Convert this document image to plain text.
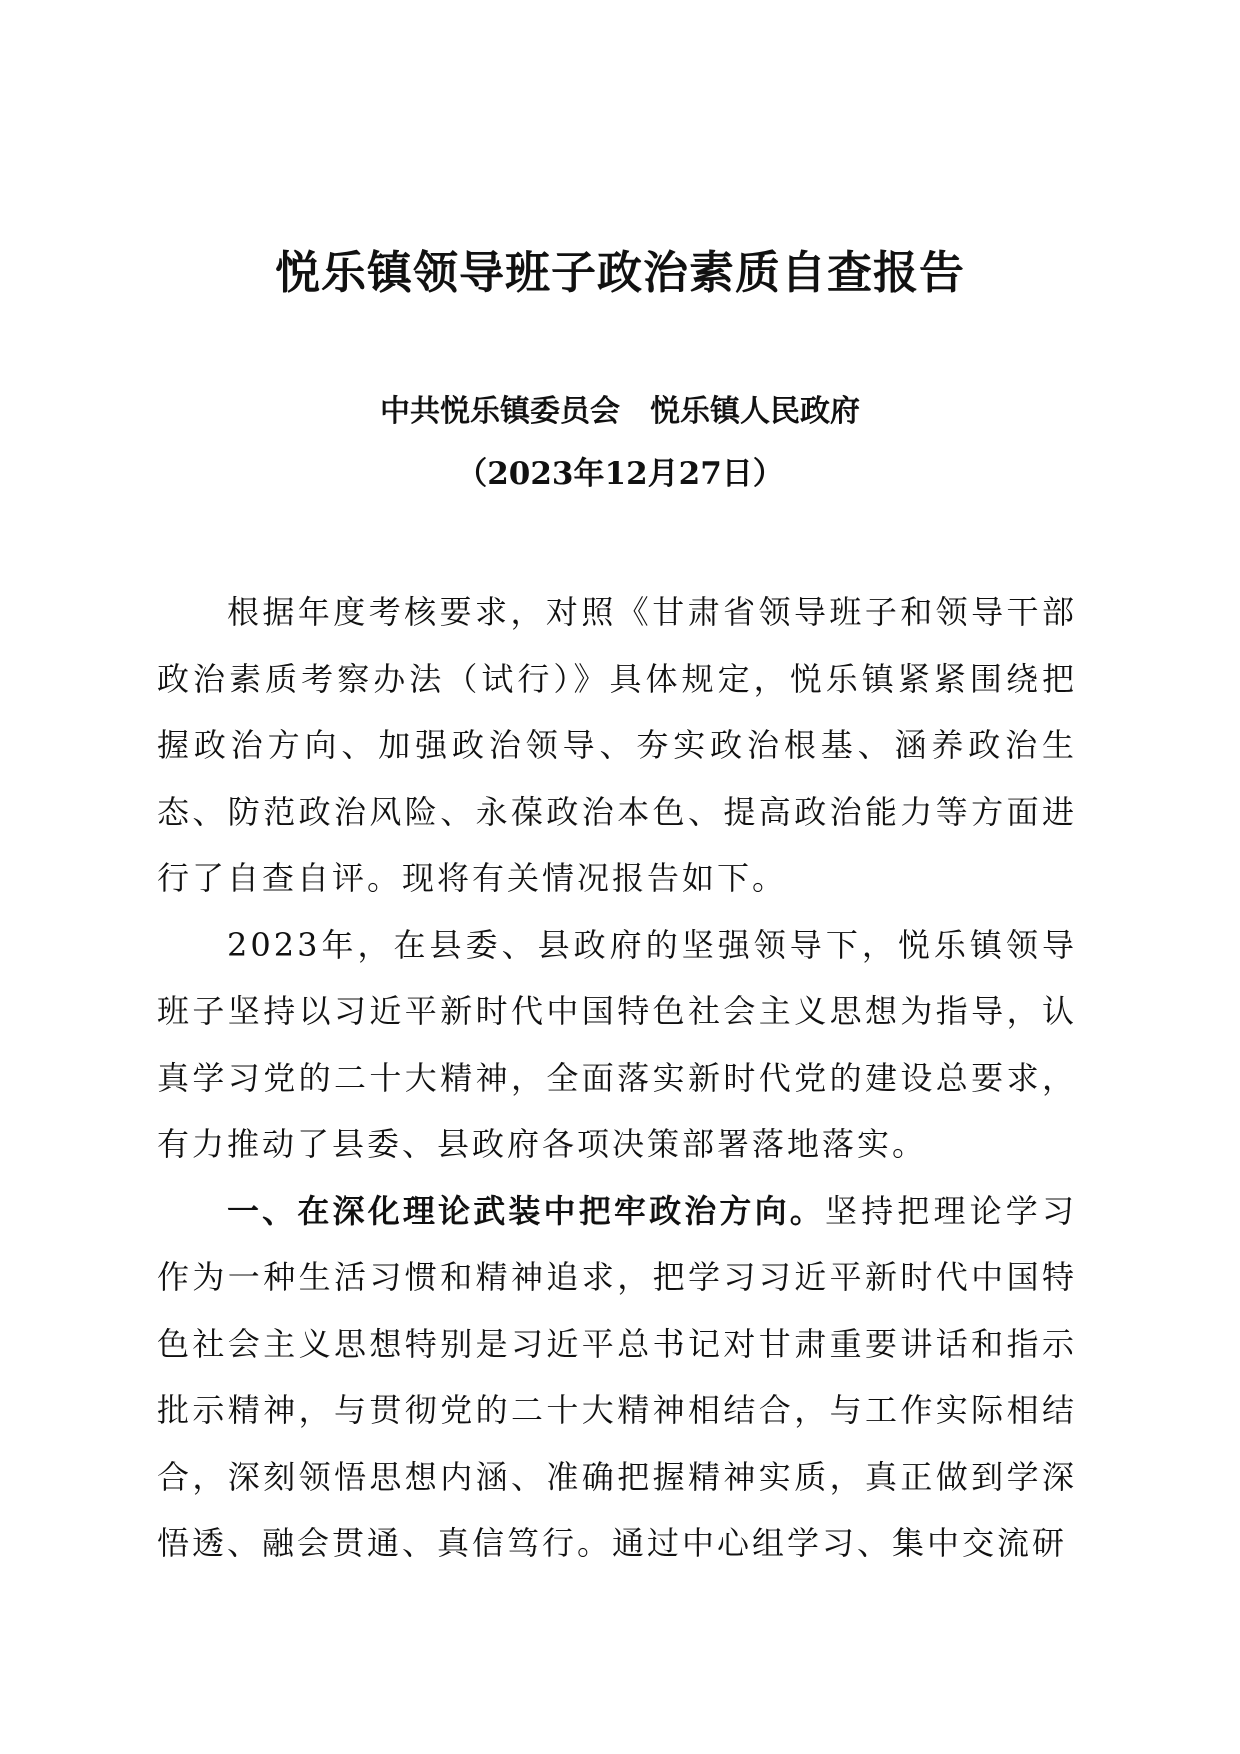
悦乐镇领导班子政治素质自查报告
中共悦乐镇委员会　悦乐镇人民政府
（2023年12月27日）

根据年度考核要求，对照《甘肃省领导班子和领导干部政治素质考察办法（试行）》具体规定，悦乐镇紧紧围绕把握政治方向、加强政治领导、夯实政治根基、涵养政治生态、防范政治风险、永葆政治本色、提高政治能力等方面进行了自查自评。现将有关情况报告如下。

2023年，在县委、县政府的坚强领导下，悦乐镇领导班子坚持以习近平新时代中国特色社会主义思想为指导，认真学习党的二十大精神，全面落实新时代党的建设总要求，有力推动了县委、县政府各项决策部署落地落实。

一、在深化理论武装中把牢政治方向。坚持把理论学习作为一种生活习惯和精神追求，把学习习近平新时代中国特色社会主义思想特别是习近平总书记对甘肃重要讲话和指示批示精神，与贯彻党的二十大精神相结合，与工作实际相结合，深刻领悟思想内涵、准确把握精神实质，真正做到学深悟透、融会贯通、真信笃行。通过中心组学习、集中交流研
